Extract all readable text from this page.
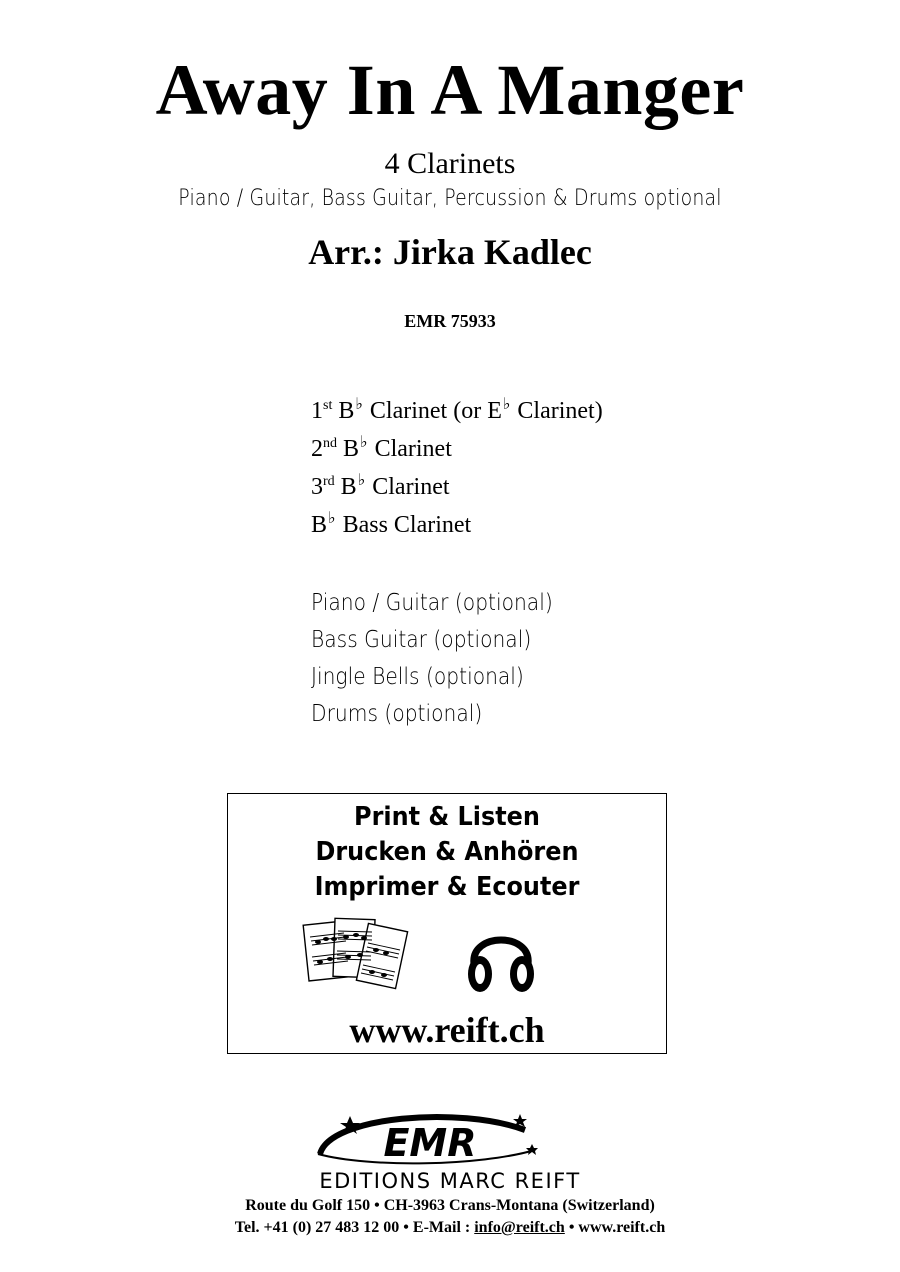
Away In A Manger
4 Clarinets
Piano / Guitar, Bass Guitar, Percussion & Drums optional
Arr.: Jirka Kadlec
EMR 75933
1st B♭ Clarinet (or E♭ Clarinet)
2nd B♭ Clarinet
3rd B♭ Clarinet
B♭ Bass Clarinet
Piano / Guitar (optional)
Bass Guitar (optional)
Jingle Bells (optional)
Drums (optional)
Print & Listen
Drucken & Anhören
Imprimer & Ecouter
www.reift.ch
EMR
EDITIONS MARC REIFT
Route du Golf 150 • CH-3963 Crans-Montana (Switzerland)
Tel. +41 (0) 27 483 12 00 • E-Mail : info@reift.ch • www.reift.ch
